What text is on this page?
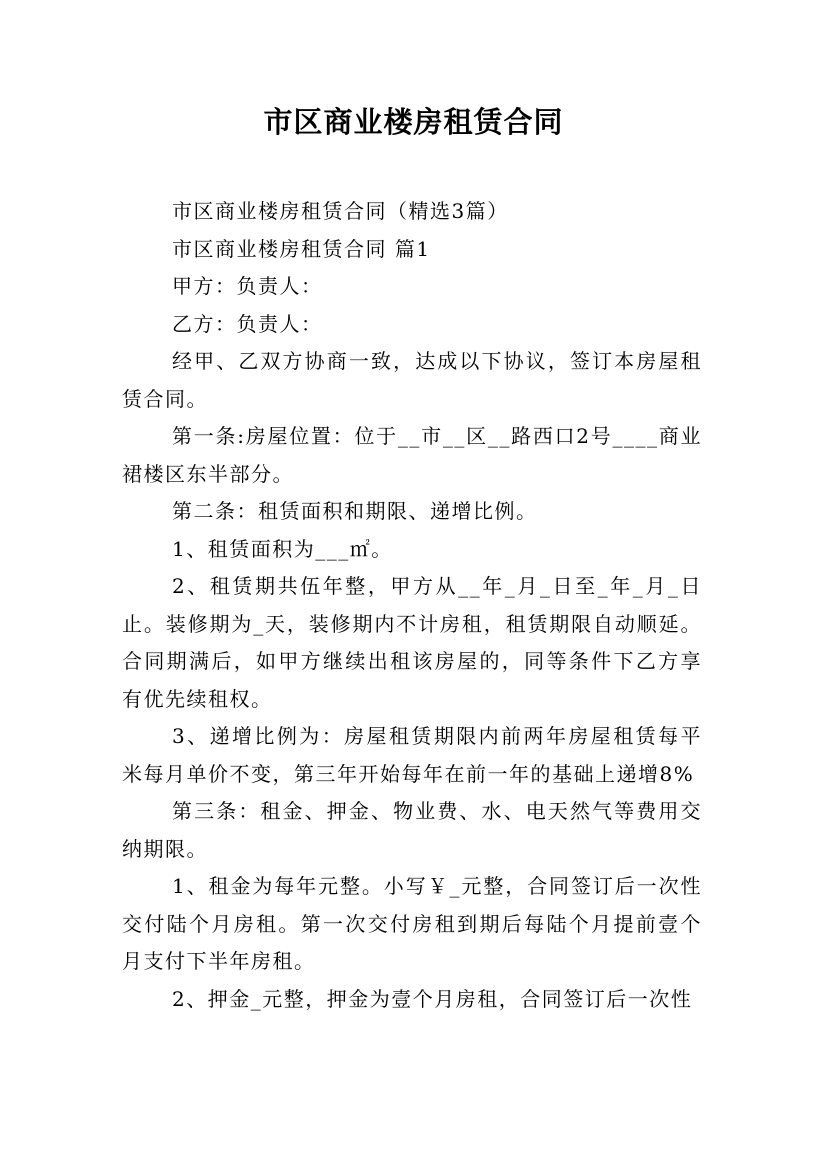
市区商业楼房租赁合同

市区商业楼房租赁合同（精选3篇）

市区商业楼房租赁合同 篇1

甲方：负责人：

乙方：负责人：

经甲、乙双方协商一致，达成以下协议，签订本房屋租赁合同。

第一条:房屋位置：位于__市__区__路西口2号____商业裙楼区东半部分。

第二条：租赁面积和期限、递增比例。

1、租赁面积为___㎡。

2、租赁期共伍年整，甲方从__年_月_日至_年_月_日止。装修期为_天，装修期内不计房租，租赁期限自动顺延。合同期满后，如甲方继续出租该房屋的，同等条件下乙方享有优先续租权。

3、递增比例为：房屋租赁期限内前两年房屋租赁每平米每月单价不变，第三年开始每年在前一年的基础上递增8%

第三条：租金、押金、物业费、水、电天然气等费用交纳期限。

1、租金为每年元整。小写￥_元整，合同签订后一次性交付陆个月房租。第一次交付房租到期后每陆个月提前壹个月支付下半年房租。

2、押金_元整，押金为壹个月房租，合同签订后一次性
